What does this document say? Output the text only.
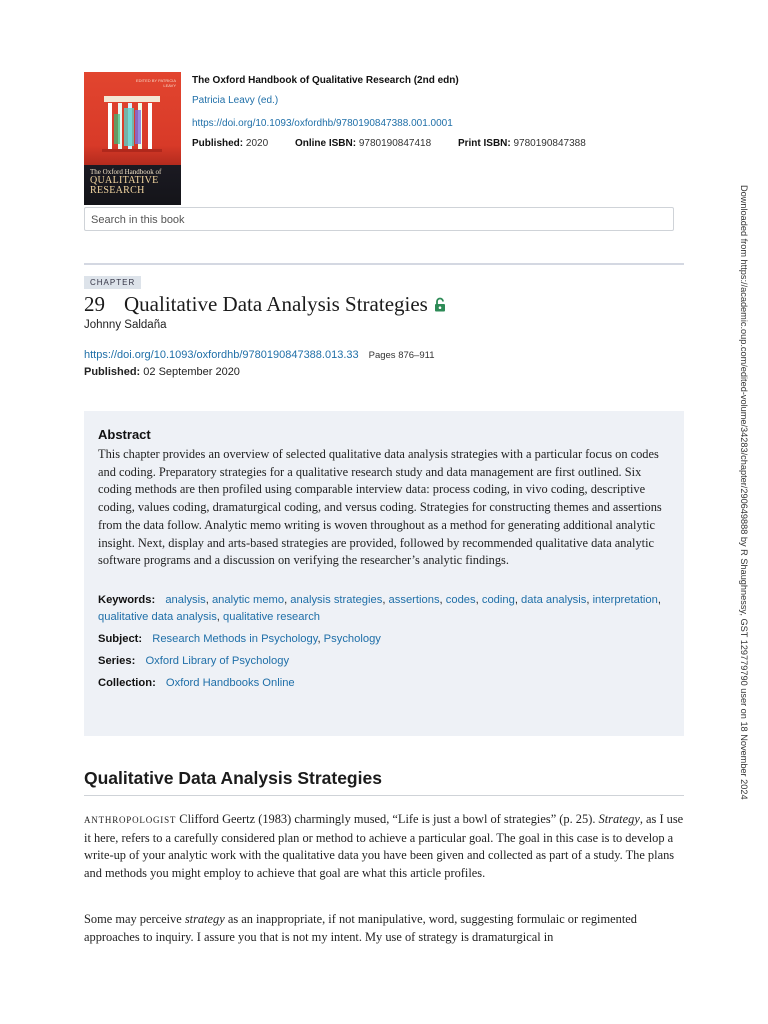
EDITED BY PATRICIA LEAVY
The Oxford Handbook of
QUALITATIVE
RESEARCH
The Oxford Handbook of Qualitative Research (2nd edn)
Patricia Leavy (ed.)
https://doi.org/10.1093/oxfordhb/9780190847388.001.0001
Published: 2020	Online ISBN: 9780190847418	Print ISBN: 9780190847388
Search in this book
CHAPTER
29 Qualitative Data Analysis Strategies
Johnny Saldaña
https://doi.org/10.1093/oxfordhb/9780190847388.013.33 Pages 876–911
Published: 02 September 2020
Abstract
This chapter provides an overview of selected qualitative data analysis strategies with a particular focus on codes and coding. Preparatory strategies for a qualitative research study and data management are first outlined. Six coding methods are then profiled using comparable interview data: process coding, in vivo coding, descriptive coding, values coding, dramaturgical coding, and versus coding. Strategies for constructing themes and assertions from the data follow. Analytic memo writing is woven throughout as a method for generating additional analytic insight. Next, display and arts-based strategies are provided, followed by recommended qualitative data analytic software programs and a discussion on verifying the researcher’s analytic findings.
Keywords: analysis, analytic memo, analysis strategies, assertions, codes, coding, data analysis, interpretation, qualitative data analysis, qualitative research
Subject: Research Methods in Psychology, Psychology
Series: Oxford Library of Psychology
Collection: Oxford Handbooks Online
Qualitative Data Analysis Strategies
ANTHROPOLOGIST Clifford Geertz (1983) charmingly mused, “Life is just a bowl of strategies” (p. 25). Strategy, as I use it here, refers to a carefully considered plan or method to achieve a particular goal. The goal in this case is to develop a write-up of your analytic work with the qualitative data you have been given and collected as part of a study. The plans and methods you might employ to achieve that goal are what this article profiles.
Some may perceive strategy as an inappropriate, if not manipulative, word, suggesting formulaic or regimented approaches to inquiry. I assure you that is not my intent. My use of strategy is dramaturgical in
Downloaded from https://academic.oup.com/edited-volume/34283/chapter/290649888 by R Shaughnessy, GST 129779790 user on 18 November 2024
